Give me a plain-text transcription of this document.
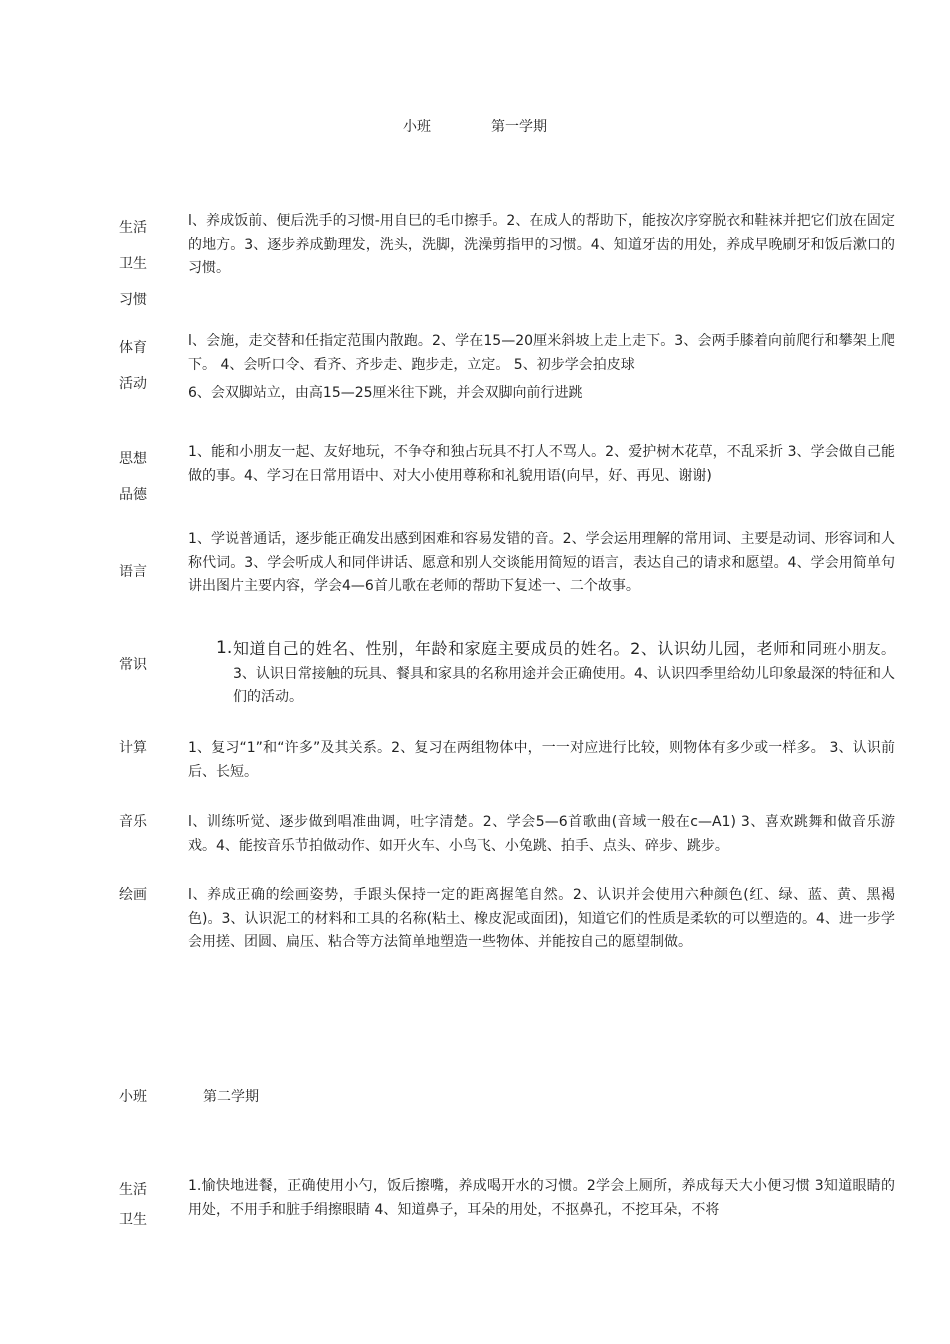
小班	第一学期
生活
卫生
习惯

l、养成饭前、便后洗手的习惯-用自巳的毛巾擦手。2、在成人的帮助下，能按次序穿脱衣和鞋袜并把它们放在固定的地方。3、逐步养成勤理发，洗头，洗脚，洗澡剪指甲的习惯。4、知道牙齿的用处，养成早晚刷牙和饭后漱口的习惯。

体育
活动

l、会施，走交替和任指定范围内散跑。2、学在15—20厘米斜坡上走上走下。3、会两手膝着向前爬行和攀架上爬下。 4、会听口令、看齐、齐步走、跑步走，立定。 5、初步学会拍皮球

6、会双脚站立，由高15—25厘米往下跳，并会双脚向前行进跳

思想
品德

1、能和小朋友一起、友好地玩，不争夺和独占玩具不打人不骂人。2、爱护树木花草，不乱采折 3、学会做自己能做的事。4、学习在日常用语中、对大小使用尊称和礼貌用语(向早，好、再见、谢谢)

语言

1、学说普通话，逐步能正确发出感到困难和容易发错的音。2、学会运用理解的常用词、主要是动词、形容词和人称代词。3、学会听成人和同伴讲话、愿意和别人交谈能用简短的语言，表达自己的请求和愿望。4、学会用简单句讲出图片主要内容，学会4—6首儿歌在老师的帮助下复述一、二个故事。

常识
1. 知道自己的姓名、性别，年龄和家庭主要成员的姓名。2、认识幼儿园，老师和同班小朋友。3、认识日常接触的玩具、餐具和家具的名称用途并会正确使用。4、认识四季里给幼儿印象最深的特征和人们的活动。
计算	1、复习“1”和“许多”及其关系。2、复习在两组物体中，一一对应进行比较，则物体有多少或一样多。 3、认识前后、长短。

音乐	l、训练听觉、逐步做到唱准曲调，吐字清楚。2、学会5—6首歌曲(音域一般在c—A1) 3、喜欢跳舞和做音乐游戏。4、能按音乐节拍做动作、如开火车、小鸟飞、小兔跳、拍手、点头、碎步、跳步。

绘画	l、养成正确的绘画姿势，手跟头保持一定的距离握笔自然。2、认识并会使用六种颜色(红、绿、蓝、黄、黑褐色)。3、认识泥工的材料和工具的名称(粘土、橡皮泥或面团)，知道它们的性质是柔软的可以塑造的。4、进一步学会用搓、团圆、扁压、粘合等方法简单地塑造一些物体、并能按自己的愿望制做。

小班	第二学期
生活
卫生

1.愉快地进餐，正确使用小勺，饭后擦嘴，养成喝开水的习惯。2学会上厕所，养成每天大小便习惯 3知道眼睛的用处，不用手和脏手绢擦眼睛 4、知道鼻子，耳朵的用处，不抠鼻孔，不挖耳朵，不将
